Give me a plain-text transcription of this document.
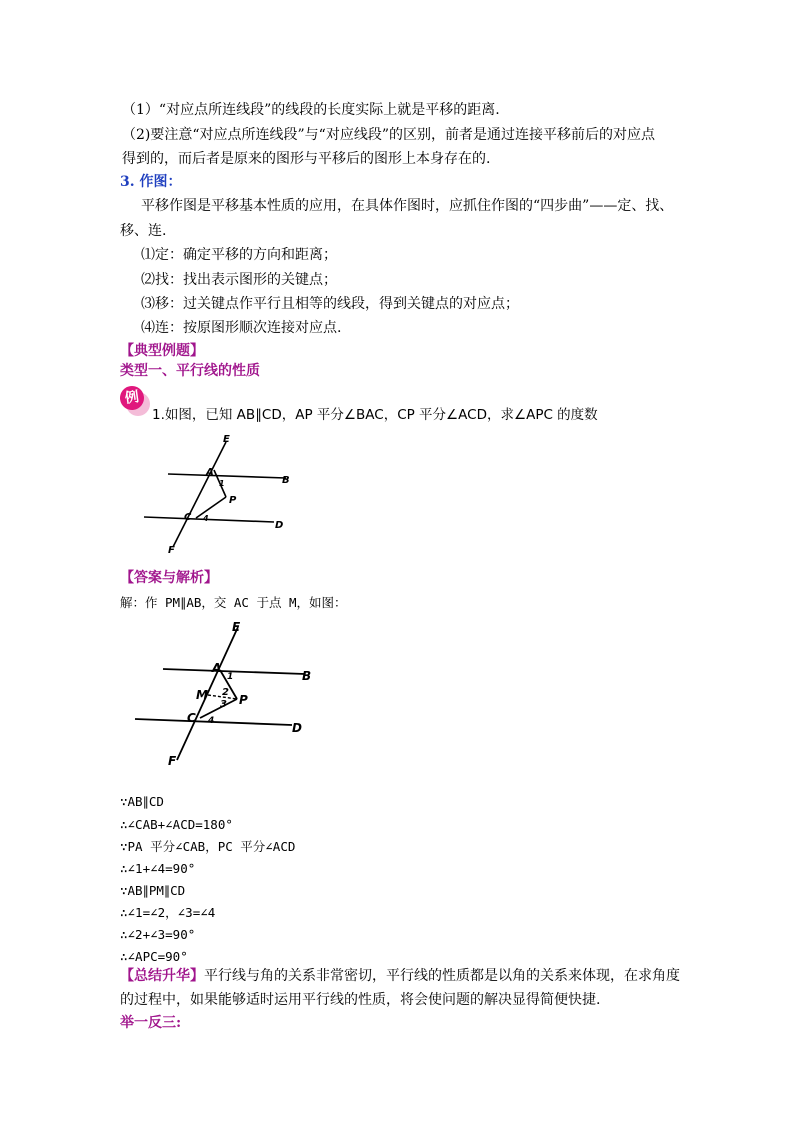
（1）“对应点所连线段”的线段的长度实际上就是平移的距离.
（2)要注意“对应点所连线段”与“对应线段”的区别，前者是通过连接平移前后的对应点
得到的，而后者是原来的图形与平移后的图形上本身存在的.
3. 作图：
平移作图是平移基本性质的应用，在具体作图时，应抓住作图的“四步曲”——定、找、
移、连.
⑴定：确定平移的方向和距离；
⑵找：找出表示图形的关键点；
⑶移：过关键点作平行且相等的线段，得到关键点的对应点；
⑷连：按原图形顺次连接对应点.
【典型例题】
类型一、平行线的性质
例
1.如图，已知 AB∥CD，AP 平分∠BAC，CP 平分∠ACD，求∠APC 的度数
E
A
1	B
P
C 4
D
F
【答案与解析】
解：作 PM∥AB，交 AC 于点 M，如图：
E
A
1	B
M 2
3 P
C 4	D
F
∵AB∥CD
∴∠CAB+∠ACD=180°
∵PA 平分∠CAB，PC 平分∠ACD
∴∠1+∠4=90°
∵AB∥PM∥CD
∴∠1=∠2，∠3=∠4
∴∠2+∠3=90°
∴∠APC=90°
【总结升华】平行线与角的关系非常密切，平行线的性质都是以角的关系来体现，在求角度
的过程中，如果能够适时运用平行线的性质，将会使问题的解决显得简便快捷.
举一反三:
